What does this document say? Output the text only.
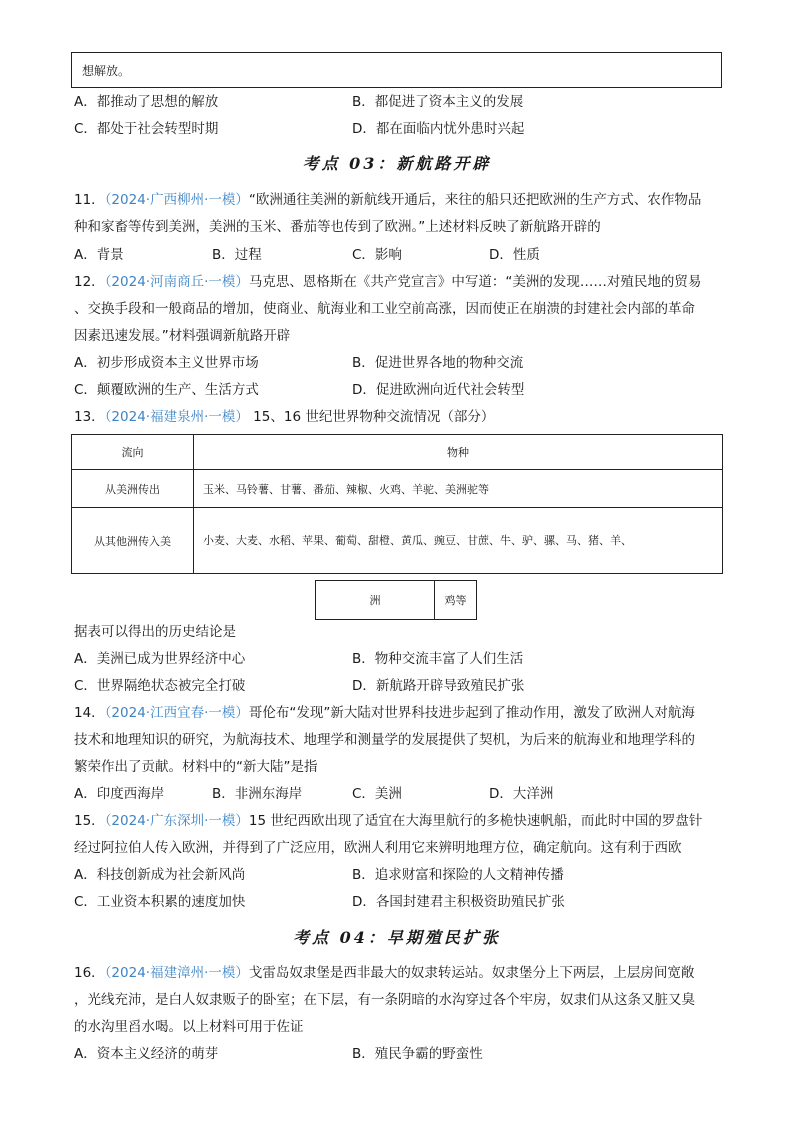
想解放。
A．都推动了思想的解放	B．都促进了资本主义的发展
C．都处于社会转型时期	D．都在面临内忧外患时兴起
考点 03：新航路开辟
11．（2024·广西柳州·一模）“欧洲通往美洲的新航线开通后，来往的船只还把欧洲的生产方式、农作物品
种和家畜等传到美洲，美洲的玉米、番茄等也传到了欧洲。”上述材料反映了新航路开辟的
A．背景	B．过程	C．影响	D．性质
12．（2024·河南商丘·一模）马克思、恩格斯在《共产党宣言》中写道：“美洲的发现……对殖民地的贸易
、交换手段和一般商品的增加，使商业、航海业和工业空前高涨，因而使正在崩溃的封建社会内部的革命
因素迅速发展。”材料强调新航路开辟
A．初步形成资本主义世界市场	B．促进世界各地的物种交流
C．颠覆欧洲的生产、生活方式	D．促进欧洲向近代社会转型
13．（2024·福建泉州·一模） 15、16 世纪世界物种交流情况（部分）
流向	物种
从美洲传出	玉米、马铃薯、甘薯、番茄、辣椒、火鸡、羊驼、美洲驼等
从其他洲传入美	小麦、大麦、水稻、苹果、葡萄、甜橙、黄瓜、豌豆、甘蔗、牛、驴、骡、马、猪、羊、
洲	鸡等
据表可以得出的历史结论是
A．美洲已成为世界经济中心	B．物种交流丰富了人们生活
C．世界隔绝状态被完全打破	D．新航路开辟导致殖民扩张
14．（2024·江西宜春·一模）哥伦布“发现”新大陆对世界科技进步起到了推动作用，激发了欧洲人对航海
技术和地理知识的研究，为航海技术、地理学和测量学的发展提供了契机，为后来的航海业和地理学科的
繁荣作出了贡献。材料中的“新大陆”是指
A．印度西海岸	B．非洲东海岸	C．美洲	D．大洋洲
15．（2024·广东深圳·一模）15 世纪西欧出现了适宜在大海里航行的多桅快速帆船，而此时中国的罗盘针
经过阿拉伯人传入欧洲，并得到了广泛应用，欧洲人利用它来辨明地理方位，确定航向。这有利于西欧
A．科技创新成为社会新风尚	B．追求财富和探险的人文精神传播
C．工业资本积累的速度加快	D．各国封建君主积极资助殖民扩张
考点 04：早期殖民扩张
16．（2024·福建漳州·一模）戈雷岛奴隶堡是西非最大的奴隶转运站。奴隶堡分上下两层，上层房间宽敞
，光线充沛，是白人奴隶贩子的卧室；在下层，有一条阴暗的水沟穿过各个牢房，奴隶们从这条又脏又臭
的水沟里舀水喝。以上材料可用于佐证
A．资本主义经济的萌芽	B．殖民争霸的野蛮性
